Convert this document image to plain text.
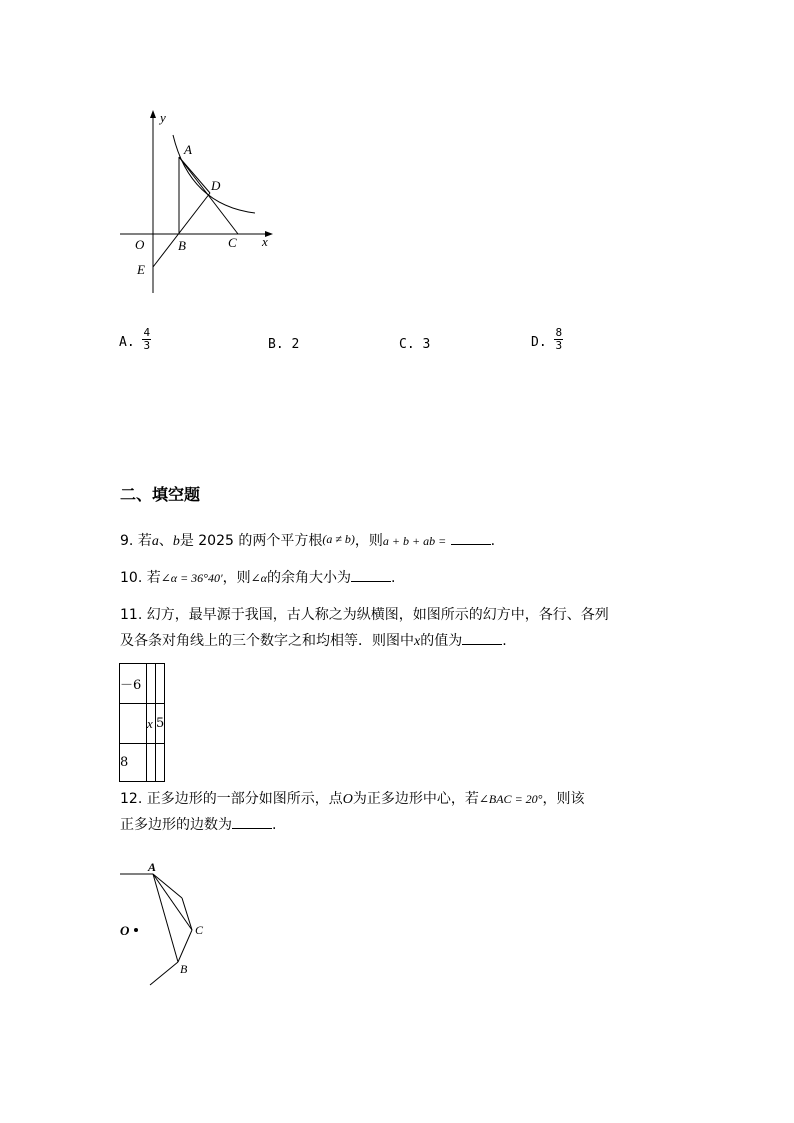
y
x
O
A
B	C
D
E
A. $\frac{4}{3}$	B. 2	C. 3	D. $\frac{8}{3}$
二、填空题
9. 若a、b是 2025 的两个平方根(a ≠ b)，则a + b + ab =	.
10. 若∠α = 36°40′，则∠α的余角大小为	.
11. 幻方，最早源于我国，古人称之为纵横图，如图所示的幻方中，各行、各列
及各条对角线上的三个数字之和均相等．则图中x的值为	.
－6		
	x	5
8		
12. 正多边形的一部分如图所示，点O为正多边形中心，若∠BAC = 20°，则该
正多边形的边数为	.
A
B
C
O
